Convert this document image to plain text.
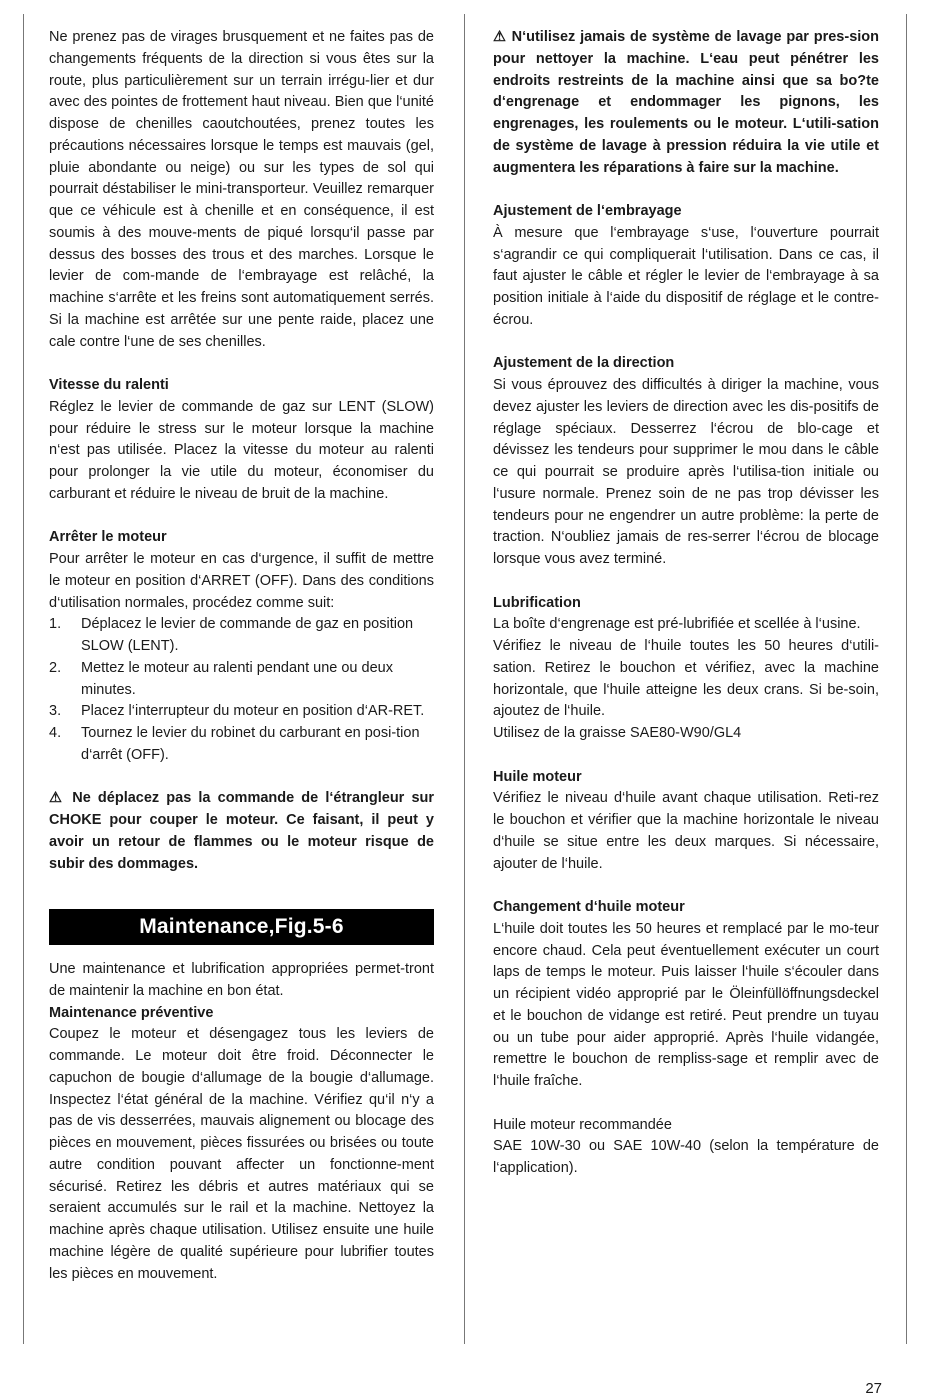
Ne prenez pas de virages brusquement et ne faites pas de changements fréquents de la direction si vous êtes sur la route, plus particulièrement sur un terrain irrégu-lier et dur avec des pointes de frottement haut niveau. Bien que l‘unité dispose de chenilles caoutchoutées, prenez toutes les précautions nécessaires lorsque le temps est mauvais (gel, pluie abondante ou neige) ou sur les types de sol qui pourrait déstabiliser le mini-transporteur. Veuillez remarquer que ce véhicule est à chenille et en conséquence, il est soumis à des mouve-ments de piqué lorsqu‘il passe par dessus des bosses des trous et des marches. Lorsque le levier de com-mande de l‘embrayage est relâché, la machine s‘arrête et les freins sont automatiquement serrés. Si la machine est arrêtée sur une pente raide, placez une cale contre l‘une de ses chenilles.

Vitesse du ralenti

Réglez le levier de commande de gaz sur LENT (SLOW) pour réduire le stress sur le moteur lorsque la machine n‘est pas utilisée. Placez la vitesse du moteur au ralenti pour prolonger la vie utile du moteur, économiser du carburant et réduire le niveau de bruit de la machine.

Arrêter le moteur

Pour arrêter le moteur en cas d‘urgence, il suffit de mettre le moteur en position d‘ARRET (OFF). Dans des conditions d‘utilisation normales, procédez comme suit:

1.	Déplacez le levier de commande de gaz en position SLOW (LENT).
2.	Mettez le moteur au ralenti pendant une ou deux minutes.
3.	Placez l‘interrupteur du moteur en position d‘AR-RET.
4.	Tournez le levier du robinet du carburant en posi-tion d‘arrêt (OFF).

⚠ Ne déplacez pas la commande de l‘étrangleur sur CHOKE pour couper le moteur. Ce faisant, il peut y avoir un retour de flammes ou le moteur risque de subir des dommages.

Maintenance,Fig.5-6

Une maintenance et lubrification appropriées permet-tront de maintenir la machine en bon état.

Maintenance préventive

Coupez le moteur et désengagez tous les leviers de commande. Le moteur doit être froid. Déconnecter le capuchon de bougie d‘allumage de la bougie d‘allumage. Inspectez l‘état général de la machine. Vérifiez qu‘il n‘y a pas de vis desserrées, mauvais alignement ou blocage des pièces en mouvement, pièces fissurées ou brisées ou toute autre condition pouvant affecter un fonctionne-ment sécurisé. Retirez les débris et autres matériaux qui se seraient accumulés sur le rail et la machine. Nettoyez la machine après chaque utilisation. Utilisez ensuite une huile machine légère de qualité supérieure pour lubrifier toutes les pièces en mouvement.

⚠ N‘utilisez jamais de système de lavage par pres-sion pour nettoyer la machine. L‘eau peut pénétrer les endroits restreints de la machine ainsi que sa bo?te d‘engrenage et endommager les pignons, les engrenages, les roulements ou le moteur. L‘utili-sation de système de lavage à pression réduira la vie utile et augmentera les réparations à faire sur la machine.

Ajustement de l‘embrayage

À mesure que l‘embrayage s‘use, l‘ouverture pourrait s‘agrandir ce qui compliquerait l‘utilisation. Dans ce cas, il faut ajuster le câble et régler le levier de l‘embrayage à sa position initiale à l‘aide du dispositif de réglage et le contre-écrou.

Ajustement de la direction

Si vous éprouvez des difficultés à diriger la machine, vous devez ajuster les leviers de direction avec les dis-positifs de réglage spéciaux. Desserrez l‘écrou de blo-cage et dévissez les tendeurs pour supprimer le mou dans le câble ce qui pourrait se produire après l‘utilisa-tion initiale ou l‘usure normale. Prenez soin de ne pas trop dévisser les tendeurs pour ne engendrer un autre problème: la perte de traction. N‘oubliez jamais de res-serrer l‘écrou de blocage lorsque vous avez terminé.

Lubrification

La boîte d‘engrenage est pré-lubrifiée et scellée à l‘usine.

Vérifiez le niveau de l‘huile toutes les 50 heures d‘utili-sation. Retirez le bouchon et vérifiez, avec la machine horizontale, que l‘huile atteigne les deux crans. Si be-soin, ajoutez de l‘huile.

Utilisez de la graisse SAE80-W90/GL4

Huile moteur

Vérifiez le niveau d‘huile avant chaque utilisation. Reti-rez le bouchon et vérifier que la machine horizontale le niveau d‘huile se situe entre les deux marques. Si nécessaire, ajouter de l‘huile.

Changement d‘huile moteur

L‘huile doit toutes les 50 heures et remplacé par le mo-teur encore chaud. Cela peut éventuellement exécuter un court laps de temps le moteur. Puis laisser l‘huile s‘écouler dans un récipient vidéo approprié par le Öleinfüllöffnungsdeckel et le bouchon de vidange est retiré. Peut prendre un tuyau ou un tube pour aider approprié. Après l‘huile vidangée, remettre le bouchon de rempliss-sage et remplir avec de l‘huile fraîche.

Huile moteur recommandée

SAE 10W-30 ou SAE 10W-40 (selon la température de l‘application).

27
